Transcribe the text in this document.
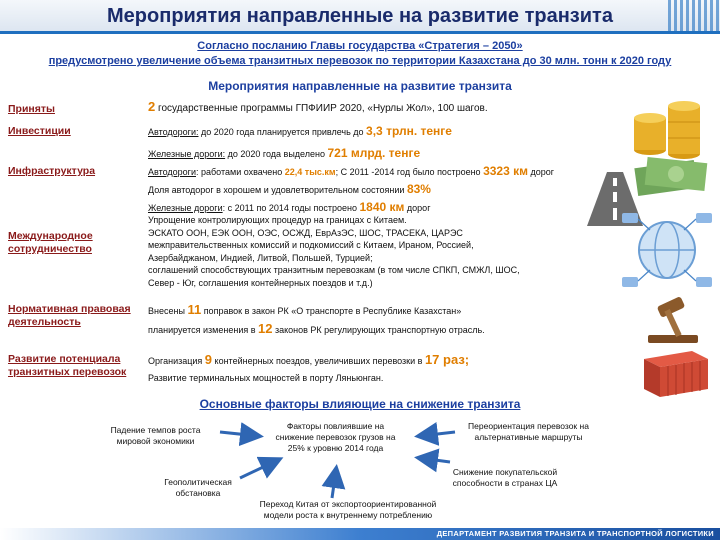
Мероприятия направленные на развитие транзита
Согласно посланию Главы государства «Стратегия – 2050»
предусмотрено увеличение объема транзитных перевозок по территории Казахстана до 30 млн. тонн к 2020 году
Мероприятия направленные на развитие транзита
Приняты	2 государственные программы ГПФИИР 2020, «Нурлы Жол», 100 шагов.
Инвестиции	Автодороги: до 2020 года планируется привлечь до 3,3 трлн. тенге
Инфраструктура
Железные дороги: до 2020 года выделено 721 млрд. тенге
Автодороги: работами охвачено 22,4 тыс.км; С 2011 -2014 год было построено 3323 км дорог
Доля автодорог в хорошем и удовлетворительном состоянии 83%
Железные дороги: с 2011 по 2014 годы построено 1840 км дорог
Международное сотрудничество
Упрощение контролирующих процедур на границах с Китаем.
ЭСКАТО ООН, ЕЭК ООН, ОЭС, ОСЖД, ЕврАзЭС, ШОС, ТРАСЕКА, ЦАРЭС
межправительственных комиссий и подкомиссий с Китаем, Ираном, Россией,
Азербайджаном, Индией, Литвой, Польшей, Турцией;
соглашений способствующих транзитным перевозкам (в том числе СПКП, СМЖЛ, ШОС,
Север - Юг, соглашения контейнерных поездов и т.д.)
Нормативная правовая деятельность
Внесены 11 поправок в закон РК «О транспорте в Республике Казахстан»
планируется изменения в 12 законов РК регулирующих транспортную отрасль.
Развитие потенциала транзитных перевозок
Организация 9 контейнерных поездов, увеличивших перевозки в 17 раз;
Развитие терминальных мощностей в порту Ляньюнган.
Основные факторы влияющие на снижение транзита
Падение темпов роста мировой экономики
Факторы повлиявшие на снижение перевозок грузов на 25% к уровню 2014 года
Переориентация перевозок на альтернативные маршруты
Геополитическая обстановка
Снижение покупательской способности в странах ЦА
Переход Китая от экспортоориентированной модели роста к внутреннему потреблению
ДЕПАРТАМЕНТ РАЗВИТИЯ ТРАНЗИТА И ТРАНСПОРТНОЙ ЛОГИСТИКИ
